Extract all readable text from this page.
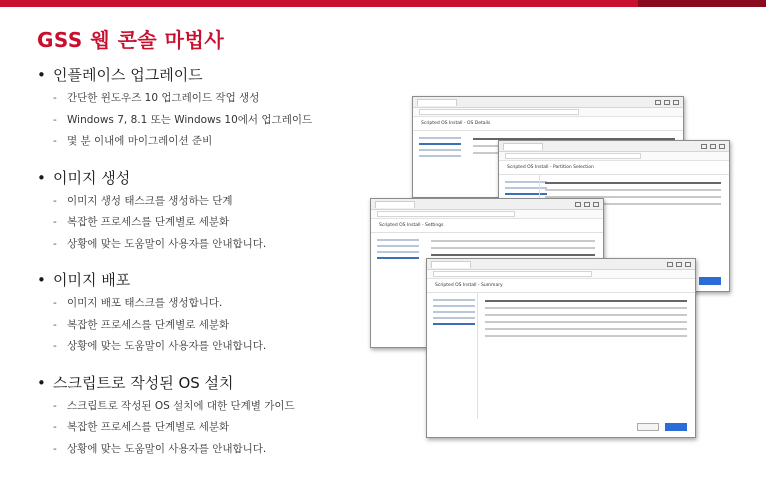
GSS 웹 콘솔 마법사
• 인플레이스 업그레이드
- 간단한 윈도우즈 10 업그레이드 작업 생성
- Windows 7, 8.1 또는 Windows 10에서 업그레이드
- 몇 분 이내에 마이그레이션 준비
• 이미지 생성
- 이미지 생성 태스크를 생성하는 단계
- 복잡한 프로세스를 단계별로 세분화
- 상황에 맞는 도움말이 사용자를 안내합니다.
• 이미지 배포
- 이미지 배포 태스크를 생성합니다.
- 복잡한 프로세스를 단계별로 세분화
- 상황에 맞는 도움말이 사용자를 안내합니다.
• 스크립트로 작성된 OS 설치
- 스크립트로 작성된 OS 설치에 대한 단계별 가이드
- 복잡한 프로세스를 단계별로 세분화
- 상황에 맞는 도움말이 사용자를 안내합니다.
Scripted OS Install - OS Details
Scripted OS Install - Partition Selection
Scripted OS Install - Settings
Scripted OS Install - Summary
